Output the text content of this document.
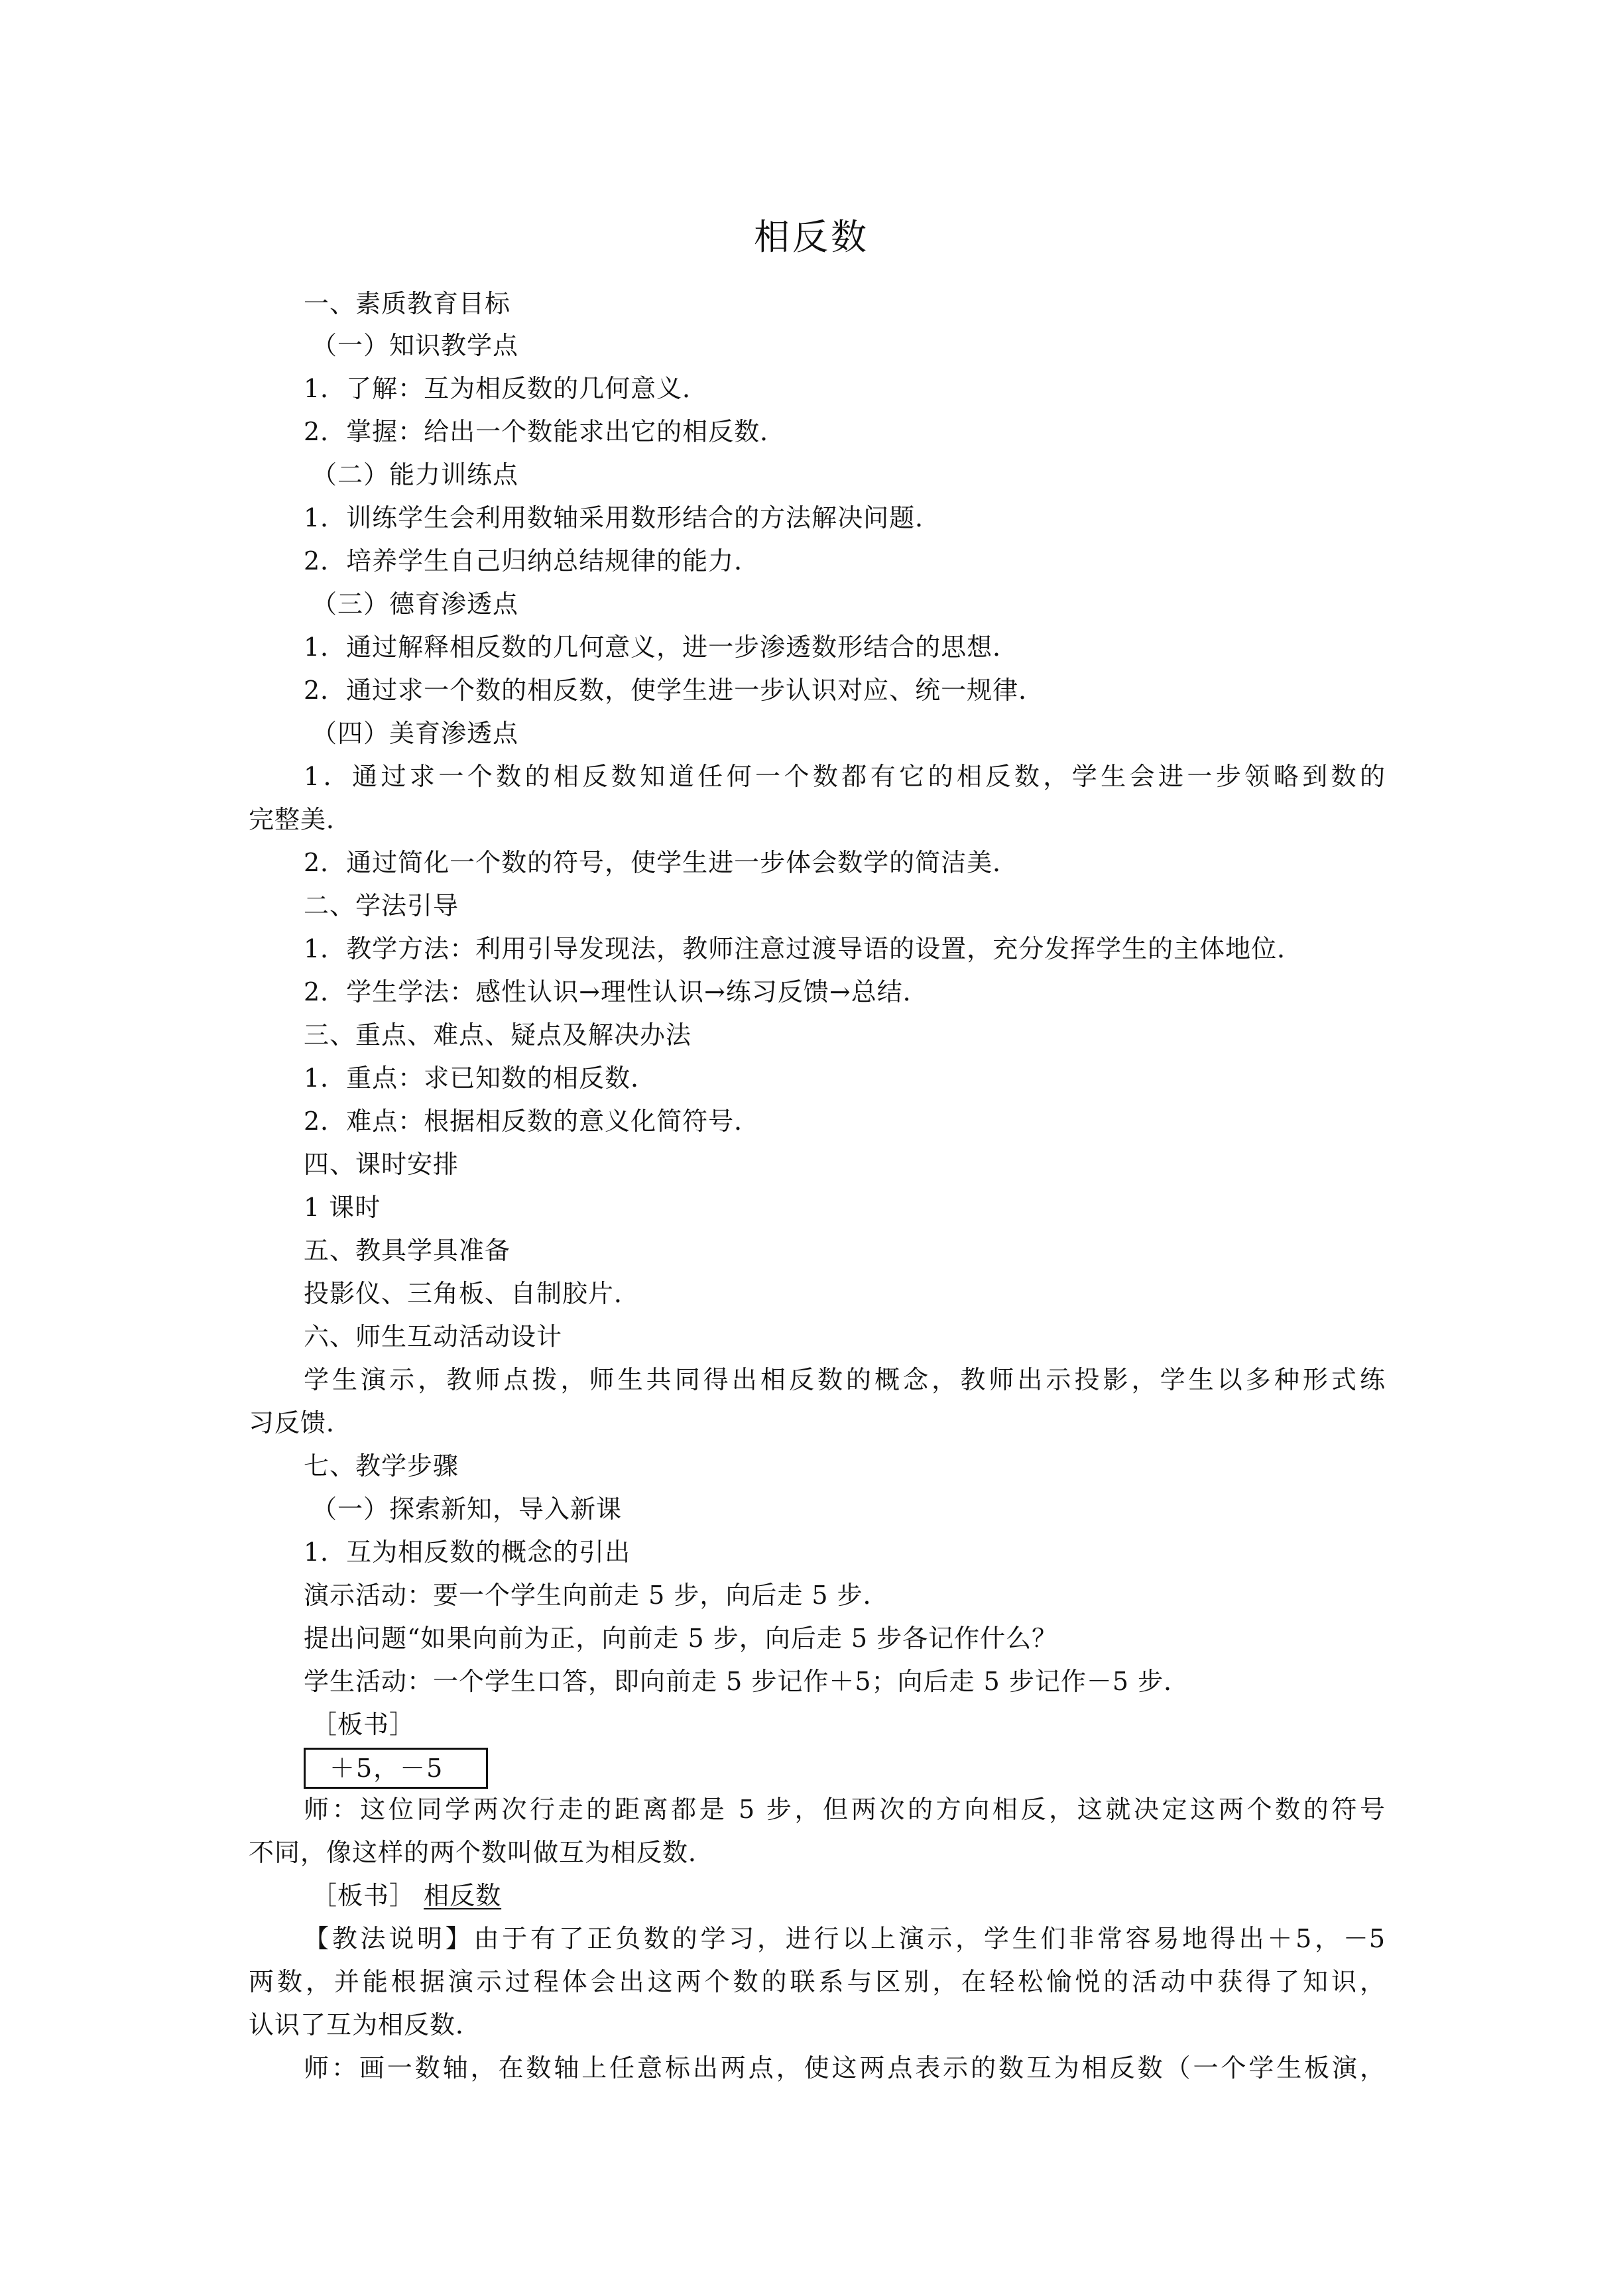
相反数
一、素质教育目标
（一）知识教学点
1．了解：互为相反数的几何意义．
2．掌握：给出一个数能求出它的相反数．
（二）能力训练点
1．训练学生会利用数轴采用数形结合的方法解决问题．
2．培养学生自己归纳总结规律的能力．
（三）德育渗透点
1．通过解释相反数的几何意义，进一步渗透数形结合的思想．
2．通过求一个数的相反数，使学生进一步认识对应、统一规律．
（四）美育渗透点
1．通过求一个数的相反数知道任何一个数都有它的相反数，学生会进一步领略到数的
完整美．
2．通过简化一个数的符号，使学生进一步体会数学的简洁美．
二、学法引导
1．教学方法：利用引导发现法，教师注意过渡导语的设置，充分发挥学生的主体地位．
2．学生学法：感性认识→理性认识→练习反馈→总结．
三、重点、难点、疑点及解决办法
1．重点：求已知数的相反数．
2．难点：根据相反数的意义化简符号．
四、课时安排
1 课时
五、教具学具准备
投影仪、三角板、自制胶片．
六、师生互动活动设计
学生演示，教师点拨，师生共同得出相反数的概念，教师出示投影，学生以多种形式练
习反馈．
七、教学步骤
（一）探索新知，导入新课
1．互为相反数的概念的引出
演示活动：要一个学生向前走 5 步，向后走 5 步．
提出问题“如果向前为正，向前走 5 步，向后走 5 步各记作什么？
学生活动：一个学生口答，即向前走 5 步记作＋5；向后走 5 步记作－5 步．
［板书］
＋5，－5
师：这位同学两次行走的距离都是 5 步，但两次的方向相反，这就决定这两个数的符号
不同，像这样的两个数叫做互为相反数．
［板书］ 相反数
【教法说明】由于有了正负数的学习，进行以上演示，学生们非常容易地得出＋5，－5
两数，并能根据演示过程体会出这两个数的联系与区别，在轻松愉悦的活动中获得了知识，
认识了互为相反数．
师：画一数轴，在数轴上任意标出两点，使这两点表示的数互为相反数（一个学生板演，
